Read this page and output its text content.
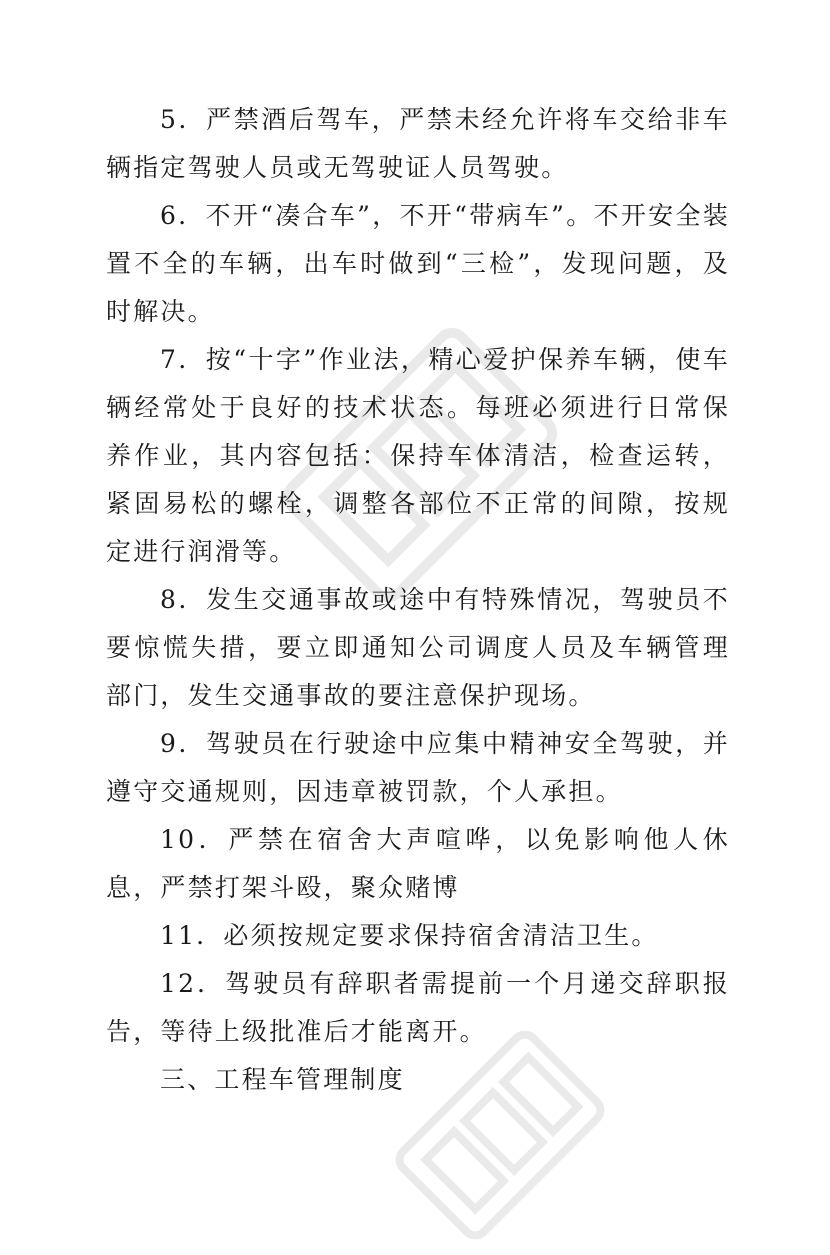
5．严禁酒后驾车，严禁未经允许将车交给非车辆指定驾驶人员或无驾驶证人员驾驶。

6．不开“凑合车”，不开“带病车”。不开安全装置不全的车辆，出车时做到“三检”，发现问题，及时解决。

7．按“十字”作业法，精心爱护保养车辆，使车辆经常处于良好的技术状态。每班必须进行日常保养作业，其内容包括：保持车体清洁，检查运转，紧固易松的螺栓，调整各部位不正常的间隙，按规定进行润滑等。

8．发生交通事故或途中有特殊情况，驾驶员不要惊慌失措，要立即通知公司调度人员及车辆管理部门，发生交通事故的要注意保护现场。

9．驾驶员在行驶途中应集中精神安全驾驶，并遵守交通规则，因违章被罚款，个人承担。

10．严禁在宿舍大声喧哗，以免影响他人休息，严禁打架斗殴，聚众赌博

11．必须按规定要求保持宿舍清洁卫生。

12．驾驶员有辞职者需提前一个月递交辞职报告，等待上级批准后才能离开。

三、工程车管理制度
